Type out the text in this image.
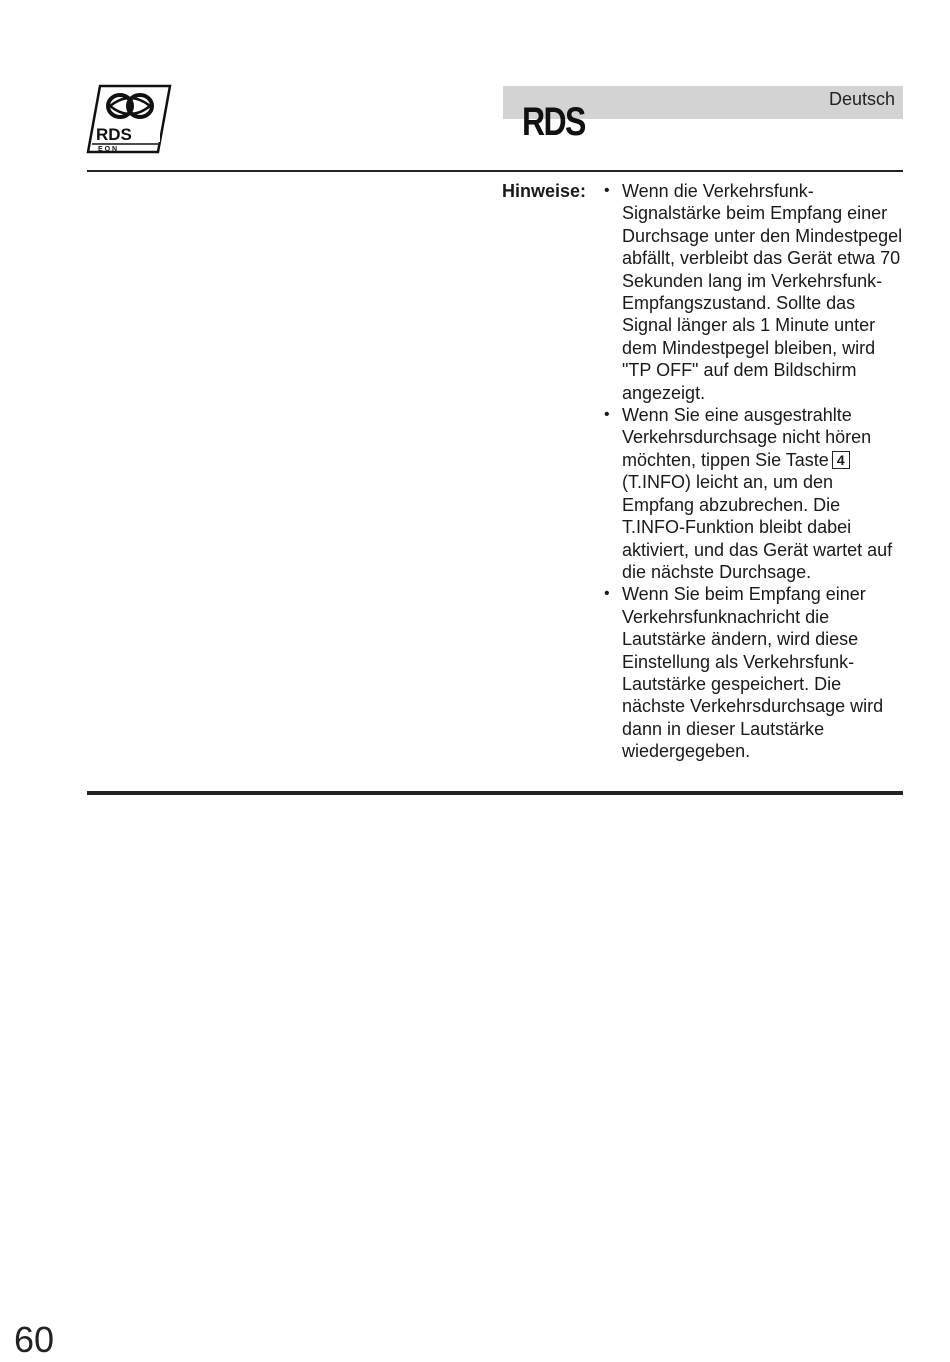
RDS
E O N
Deutsch
RDS
Hinweise:
•	Wenn die Verkehrsfunk-Signalstärke beim Empfang einer Durchsage unter den Mindestpegel abfällt, verbleibt das Gerät etwa 70 Sekunden lang im Verkehrsfunk-Empfangszustand. Sollte das Signal länger als 1 Minute unter dem Mindestpegel bleiben, wird "TP OFF" auf dem Bildschirm angezeigt.
• Wenn Sie eine ausgestrahlte Verkehrsdurchsage nicht hören möchten, tippen Sie Taste 4 (T.INFO) leicht an, um den Empfang abzubrechen. Die T.INFO-Funktion bleibt dabei aktiviert, und das Gerät wartet auf die nächste Durchsage.
• Wenn Sie beim Empfang einer Verkehrsfunknachricht die Lautstärke ändern, wird diese Einstellung als Verkehrsfunk-Lautstärke gespeichert. Die nächste Verkehrsdurchsage wird dann in dieser Lautstärke wiedergegeben.
60
